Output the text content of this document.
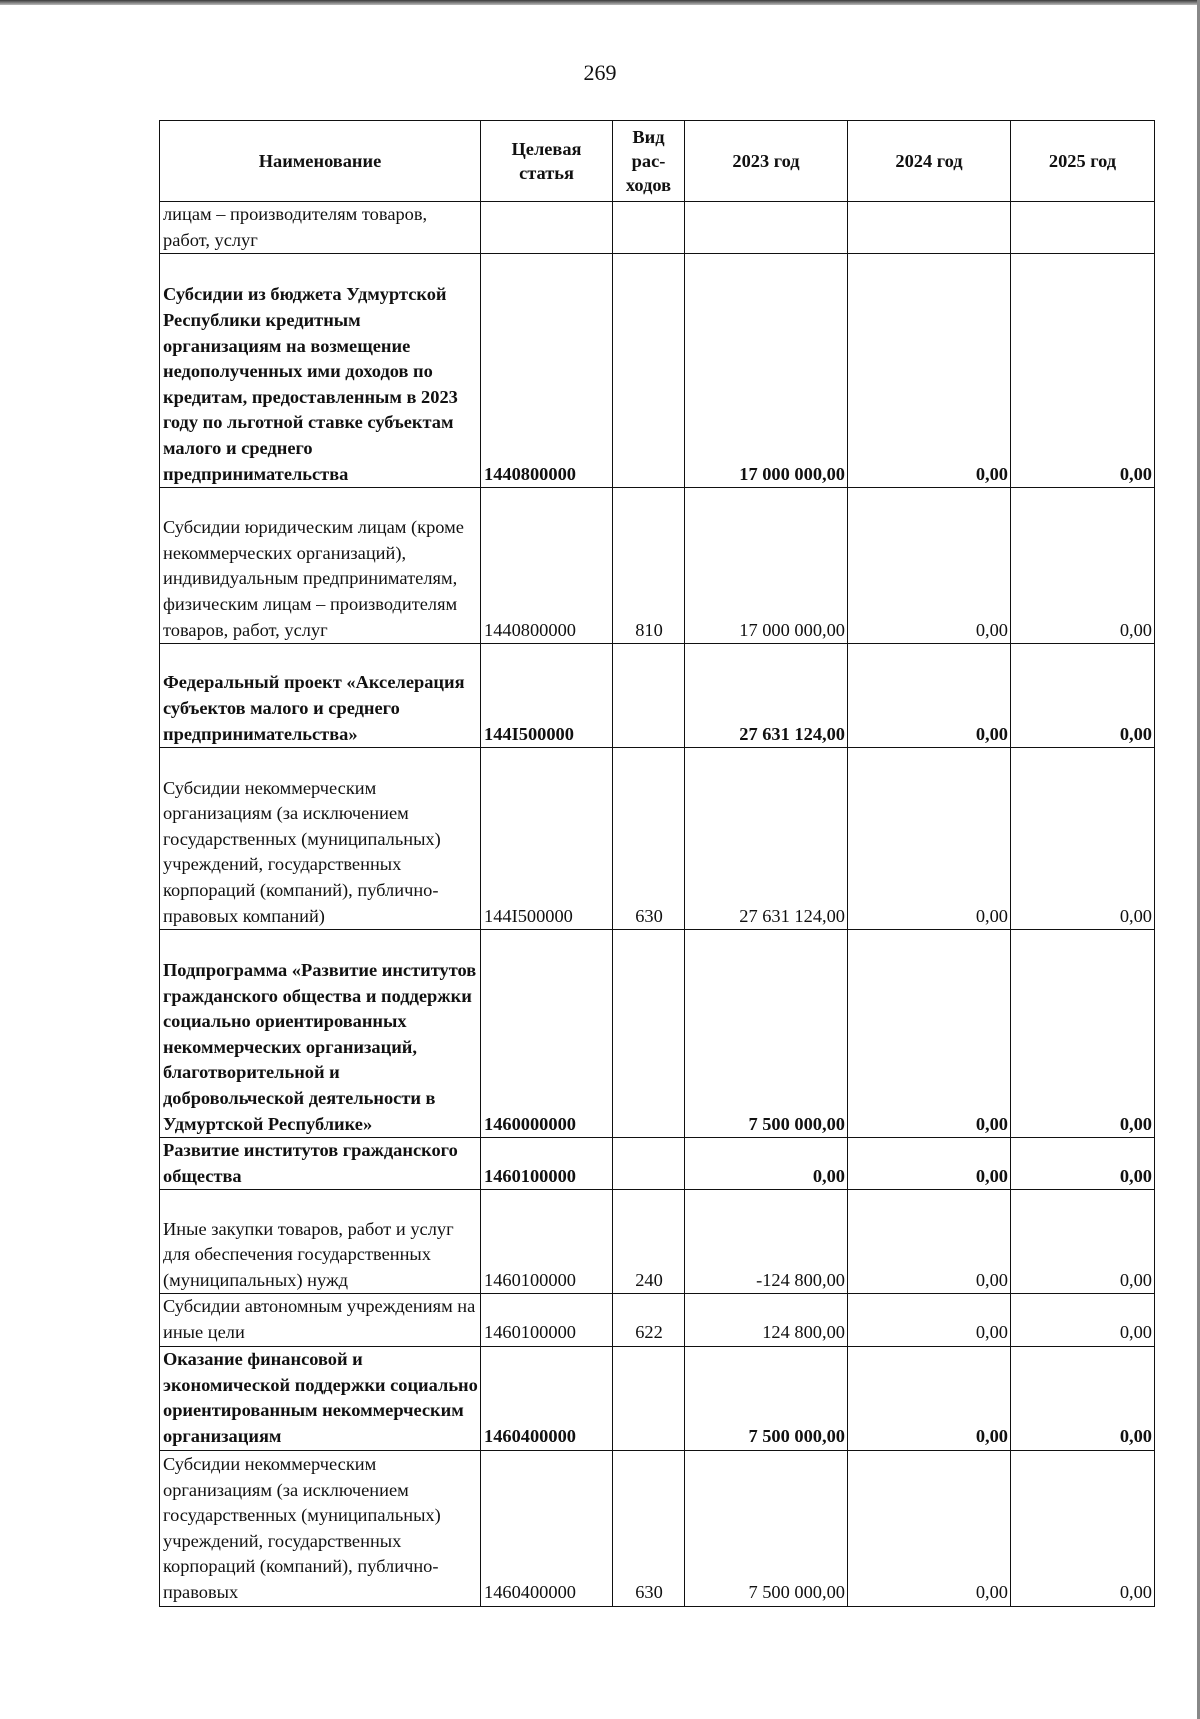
269
Наименование	Целевая статья	Вид рас-ходов	2023 год	2024 год	2025 год
лицам – производителям товаров, работ, услуг					
Субсидии из бюджета Удмуртской Республики кредитным организациям на возмещение недополученных ими доходов по кредитам, предоставленным в 2023 году по льготной ставке субъектам малого и среднего предпринимательства	1440800000		17 000 000,00	0,00	0,00
Субсидии юридическим лицам (кроме некоммерческих организаций), индивидуальным предпринимателям, физическим лицам – производителям товаров, работ, услуг	1440800000	810	17 000 000,00	0,00	0,00
Федеральный проект «Акселерация субъектов малого и среднего предпринимательства»	144I500000		27 631 124,00	0,00	0,00
Субсидии некоммерческим организациям (за исключением государственных (муниципальных) учреждений, государственных корпораций (компаний), публично-правовых компаний)	144I500000	630	27 631 124,00	0,00	0,00
Подпрограмма «Развитие институтов гражданского общества и поддержки социально ориентированных некоммерческих организаций, благотворительной и добровольческой деятельности в Удмуртской Республике»	1460000000		7 500 000,00	0,00	0,00
Развитие институтов гражданского общества	1460100000		0,00	0,00	0,00
Иные закупки товаров, работ и услуг для обеспечения государственных (муниципальных) нужд	1460100000	240	-124 800,00	0,00	0,00
Субсидии автономным учреждениям на иные цели	1460100000	622	124 800,00	0,00	0,00
Оказание финансовой и экономической поддержки социально ориентированным некоммерческим организациям	1460400000		7 500 000,00	0,00	0,00
Субсидии некоммерческим организациям (за исключением государственных (муниципальных) учреждений, государственных корпораций (компаний), публично-правовых	1460400000	630	7 500 000,00	0,00	0,00
